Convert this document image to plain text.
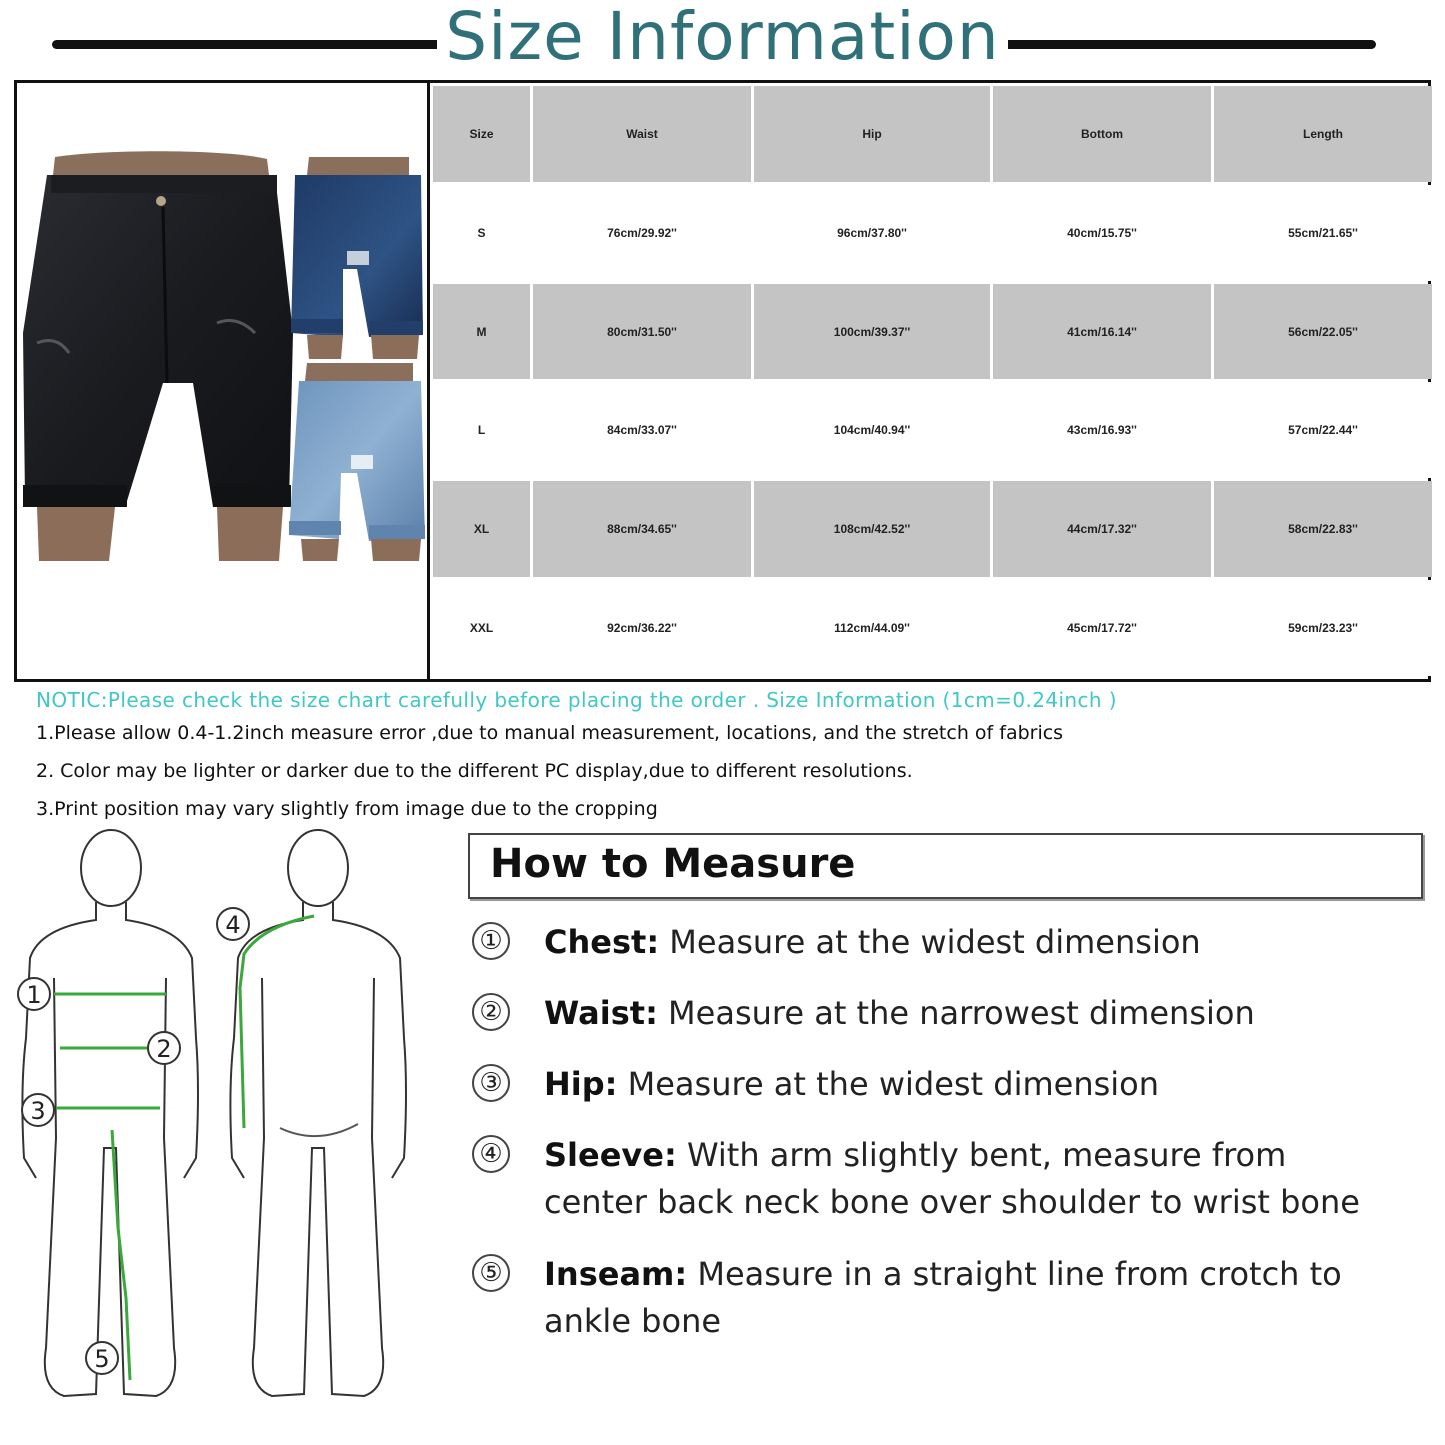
Size Information
Size	Waist	Hip	Bottom	Length
S	76cm/29.92''	96cm/37.80''	40cm/15.75''	55cm/21.65''
M	80cm/31.50''	100cm/39.37''	41cm/16.14''	56cm/22.05''
L	84cm/33.07''	104cm/40.94''	43cm/16.93''	57cm/22.44''
XL	88cm/34.65''	108cm/42.52''	44cm/17.32''	58cm/22.83''
XXL	92cm/36.22''	112cm/44.09''	45cm/17.72''	59cm/23.23''
NOTIC:Please check the size chart carefully before placing the order . Size Information (1cm=0.24inch )
1.Please allow 0.4-1.2inch measure error ,due to manual measurement, locations, and the stretch of fabrics
2. Color may be lighter or darker due to the different PC display,due to different resolutions.
3.Print position may vary slightly from image due to the cropping
1
2
3
4
5
How to Measure
① Chest: Measure at the widest dimension
② Waist: Measure at the narrowest dimension
③ Hip: Measure at the widest dimension
④ Sleeve: With arm slightly bent, measure from
center back neck bone over shoulder to wrist bone
⑤ Inseam: Measure in a straight line from crotch to
ankle bone
